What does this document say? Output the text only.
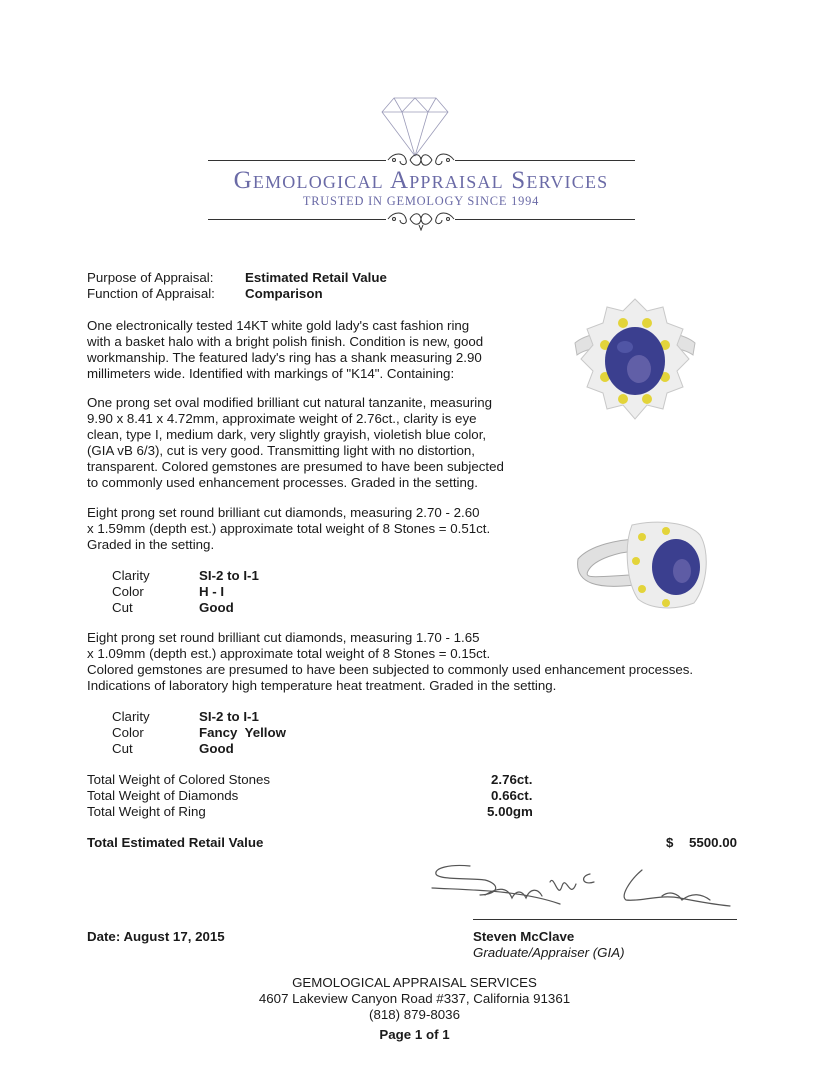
Gemological Appraisal Services
TRUSTED IN GEMOLOGY SINCE 1994
Purpose of Appraisal: Estimated Retail Value
Function of Appraisal: Comparison
One electronically tested 14KT white gold lady's cast fashion ring
with a basket halo with a bright polish finish. Condition is new, good
workmanship. The featured lady's ring has a shank measuring 2.90
millimeters wide. Identified with markings of "K14". Containing:
One prong set oval modified brilliant cut natural tanzanite, measuring
9.90 x 8.41 x 4.72mm, approximate weight of 2.76ct., clarity is eye
clean, type I, medium dark, very slightly grayish, violetish blue color,
(GIA vB 6/3), cut is very good. Transmitting light with no distortion,
transparent. Colored gemstones are presumed to have been subjected
to commonly used enhancement processes. Graded in the setting.
Eight prong set round brilliant cut diamonds, measuring 2.70 - 2.60
x 1.59mm (depth est.) approximate total weight of 8 Stones = 0.51ct.
Graded in the setting.
Clarity	SI-2 to I-1
Color	H - I
Cut	Good
Eight prong set round brilliant cut diamonds, measuring 1.70 - 1.65
x 1.09mm (depth est.) approximate total weight of 8 Stones = 0.15ct.
Colored gemstones are presumed to have been subjected to commonly used enhancement processes.
Indications of laboratory high temperature heat treatment. Graded in the setting.
Clarity	SI-2 to I-1
Color	Fancy  Yellow
Cut	Good
Total Weight of Colored Stones	2.76ct.
Total Weight of Diamonds	0.66ct.
Total Weight of Ring	5.00gm
Total Estimated Retail Value	$ 5500.00
Date: August 17, 2015	Steven McClave
Graduate/Appraiser (GIA)
GEMOLOGICAL APPRAISAL SERVICES
4607 Lakeview Canyon Road #337, California 91361
(818) 879-8036
Page 1 of 1
